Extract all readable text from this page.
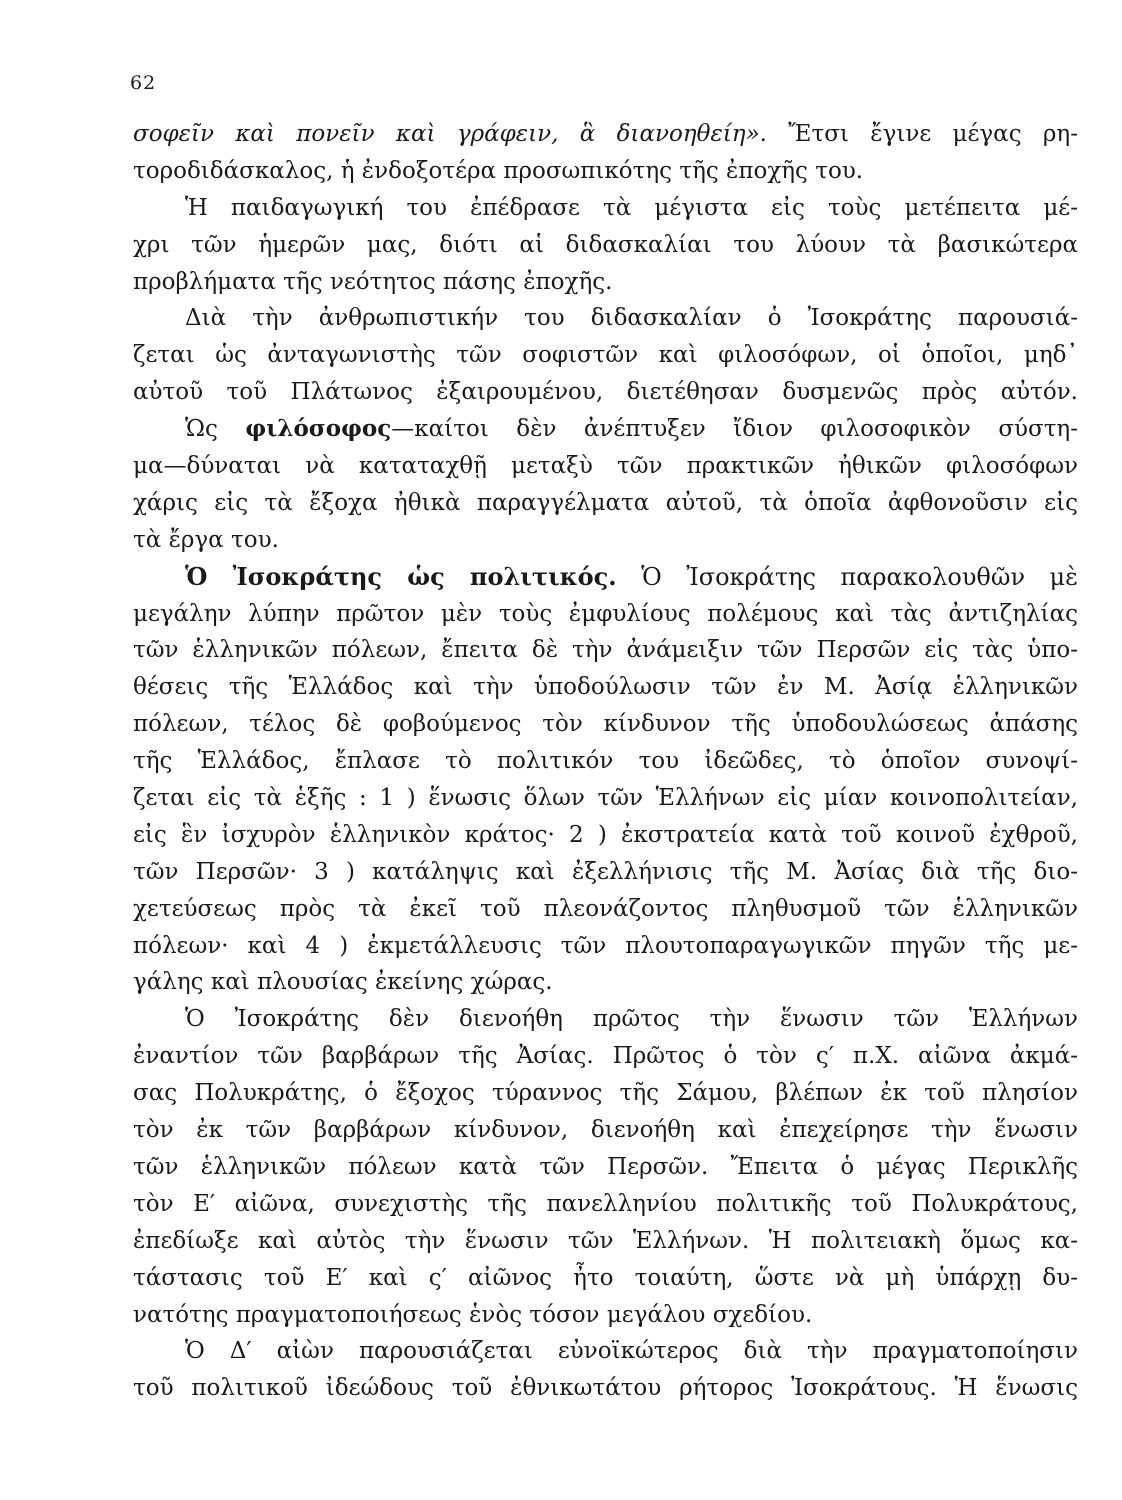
62
σοφεῖν καὶ πονεῖν καὶ γράφειν, ἃ διανοηθείη». Ἔτσι ἔγινε μέγας ρη-
τοροδιδάσκαλος, ἡ ἐνδοξοτέρα προσωπικότης τῆς ἐποχῆς του.
Ἡ παιδαγωγική του ἐπέδρασε τὰ μέγιστα εἰς τοὺς μετέπειτα μέ-
χρι τῶν ἡμερῶν μας, διότι αἱ διδασκαλίαι του λύουν τὰ βασικώτερα
προβλήματα τῆς νεότητος πάσης ἐποχῆς.
Διὰ τὴν ἀνθρωπιστικήν του διδασκαλίαν ὁ Ἰσοκράτης παρουσιά-
ζεται ὡς ἀνταγωνιστὴς τῶν σοφιστῶν καὶ φιλοσόφων, οἱ ὁποῖοι, μηδ᾽
αὐτοῦ τοῦ Πλάτωνος ἐξαιρουμένου, διετέθησαν δυσμενῶς πρὸς αὐτόν.
Ὡς φιλόσοφος—καίτοι δὲν ἀνέπτυξεν ἴδιον φιλοσοφικὸν σύστη-
μα—δύναται νὰ καταταχθῇ μεταξὺ τῶν πρακτικῶν ἠθικῶν φιλοσόφων
χάρις εἰς τὰ ἔξοχα ἠθικὰ παραγγέλματα αὐτοῦ, τὰ ὁποῖα ἀφθονοῦσιν εἰς
τὰ ἔργα του.
Ὁ Ἰσοκράτης ὡς πολιτικός. Ὁ Ἰσοκράτης παρακολουθῶν μὲ
μεγάλην λύπην πρῶτον μὲν τοὺς ἐμφυλίους πολέμους καὶ τὰς ἀντιζηλίας
τῶν ἑλληνικῶν πόλεων, ἔπειτα δὲ τὴν ἀνάμειξιν τῶν Περσῶν εἰς τὰς ὑπο-
θέσεις τῆς Ἑλλάδος καὶ τὴν ὑποδούλωσιν τῶν ἐν Μ. Ἀσίᾳ ἑλληνικῶν
πόλεων, τέλος δὲ φοβούμενος τὸν κίνδυνον τῆς ὑποδουλώσεως ἁπάσης
τῆς Ἑλλάδος, ἔπλασε τὸ πολιτικόν του ἰδεῶδες, τὸ ὁποῖον συνοψί-
ζεται εἰς τὰ ἑξῆς : 1 ) ἕνωσις ὅλων τῶν Ἑλλήνων εἰς μίαν κοινοπολιτείαν,
εἰς ἓν ἰσχυρὸν ἑλληνικὸν κράτος· 2 ) ἐκστρατεία κατὰ τοῦ κοινοῦ ἐχθροῦ,
τῶν Περσῶν· 3 ) κατάληψις καὶ ἐξελλήνισις τῆς Μ. Ἀσίας διὰ τῆς διο-
χετεύσεως πρὸς τὰ ἐκεῖ τοῦ πλεονάζοντος πληθυσμοῦ τῶν ἑλληνικῶν
πόλεων· καὶ 4 ) ἐκμετάλλευσις τῶν πλουτοπαραγωγικῶν πηγῶν τῆς με-
γάλης καὶ πλουσίας ἐκείνης χώρας.
Ὁ Ἰσοκράτης δὲν διενοήθη πρῶτος τὴν ἕνωσιν τῶν Ἑλλήνων
ἐναντίον τῶν βαρβάρων τῆς Ἀσίας. Πρῶτος ὁ τὸν ς′ π.Χ. αἰῶνα ἀκμά-
σας Πολυκράτης, ὁ ἔξοχος τύραννος τῆς Σάμου, βλέπων ἐκ τοῦ πλησίον
τὸν ἐκ τῶν βαρβάρων κίνδυνον, διενοήθη καὶ ἐπεχείρησε τὴν ἕνωσιν
τῶν ἑλληνικῶν πόλεων κατὰ τῶν Περσῶν. Ἔπειτα ὁ μέγας Περικλῆς
τὸν Ε′ αἰῶνα, συνεχιστὴς τῆς πανελληνίου πολιτικῆς τοῦ Πολυκράτους,
ἐπεδίωξε καὶ αὐτὸς τὴν ἕνωσιν τῶν Ἑλλήνων. Ἡ πολιτειακὴ ὅμως κα-
τάστασις τοῦ Ε′ καὶ ς′ αἰῶνος ἦτο τοιαύτη, ὥστε νὰ μὴ ὑπάρχῃ δυ-
νατότης πραγματοποιήσεως ἑνὸς τόσον μεγάλου σχεδίου.
Ὁ Δ′ αἰὼν παρουσιάζεται εὐνοϊκώτερος διὰ τὴν πραγματοποίησιν
τοῦ πολιτικοῦ ἰδεώδους τοῦ ἐθνικωτάτου ρήτορος Ἰσοκράτους. Ἡ ἕνωσις
